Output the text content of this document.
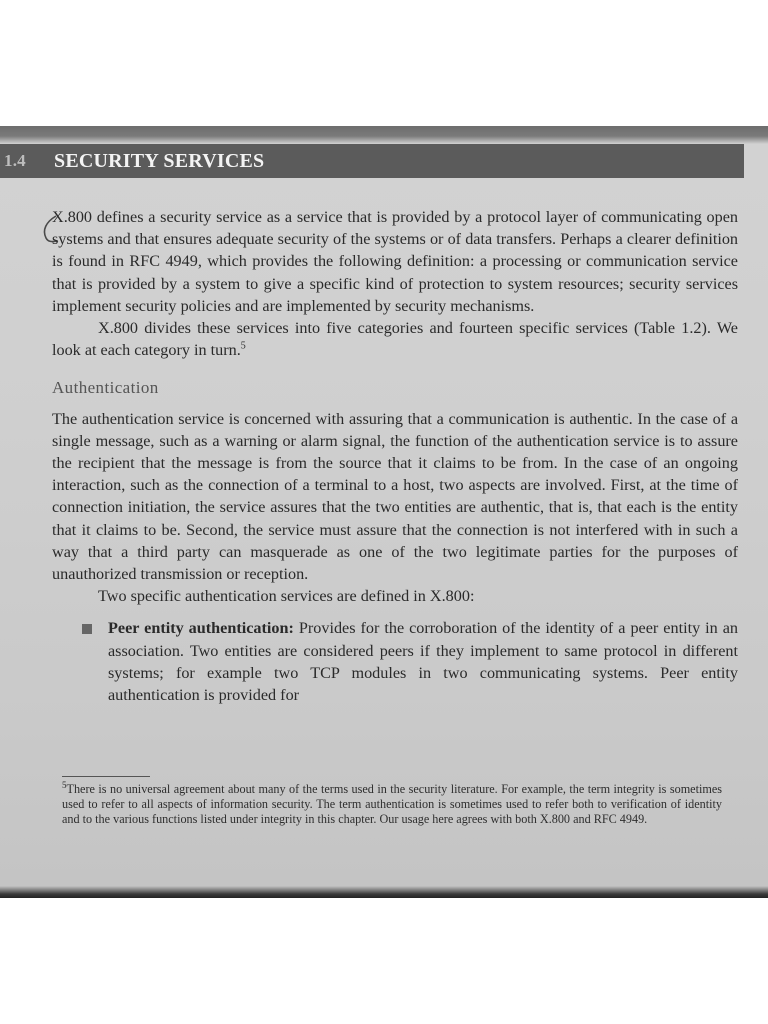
1.4	SECURITY SERVICES

X.800 defines a security service as a service that is provided by a protocol layer of communicating open systems and that ensures adequate security of the systems or of data transfers. Perhaps a clearer definition is found in RFC 4949, which provides the following definition: a processing or communication service that is provided by a system to give a specific kind of protection to system resources; security services implement security policies and are implemented by security mechanisms.

X.800 divides these services into five categories and fourteen specific services (Table 1.2). We look at each category in turn.$^5$

Authentication

The authentication service is concerned with assuring that a communication is authentic. In the case of a single message, such as a warning or alarm signal, the function of the authentication service is to assure the recipient that the message is from the source that it claims to be from. In the case of an ongoing interaction, such as the connection of a terminal to a host, two aspects are involved. First, at the time of connection initiation, the service assures that the two entities are authentic, that is, that each is the entity that it claims to be. Second, the service must assure that the connection is not interfered with in such a way that a third party can masquerade as one of the two legitimate parties for the purposes of unauthorized transmission or reception.

Two specific authentication services are defined in X.800:

Peer entity authentication: Provides for the corroboration of the identity of a peer entity in an association. Two entities are considered peers if they implement to same protocol in different systems; for example two TCP modules in two communicating systems. Peer entity authentication is provided for
$^5$There is no universal agreement about many of the terms used in the security literature. For example, the term integrity is sometimes used to refer to all aspects of information security. The term authentication is sometimes used to refer both to verification of identity and to the various functions listed under integrity in this chapter. Our usage here agrees with both X.800 and RFC 4949.
